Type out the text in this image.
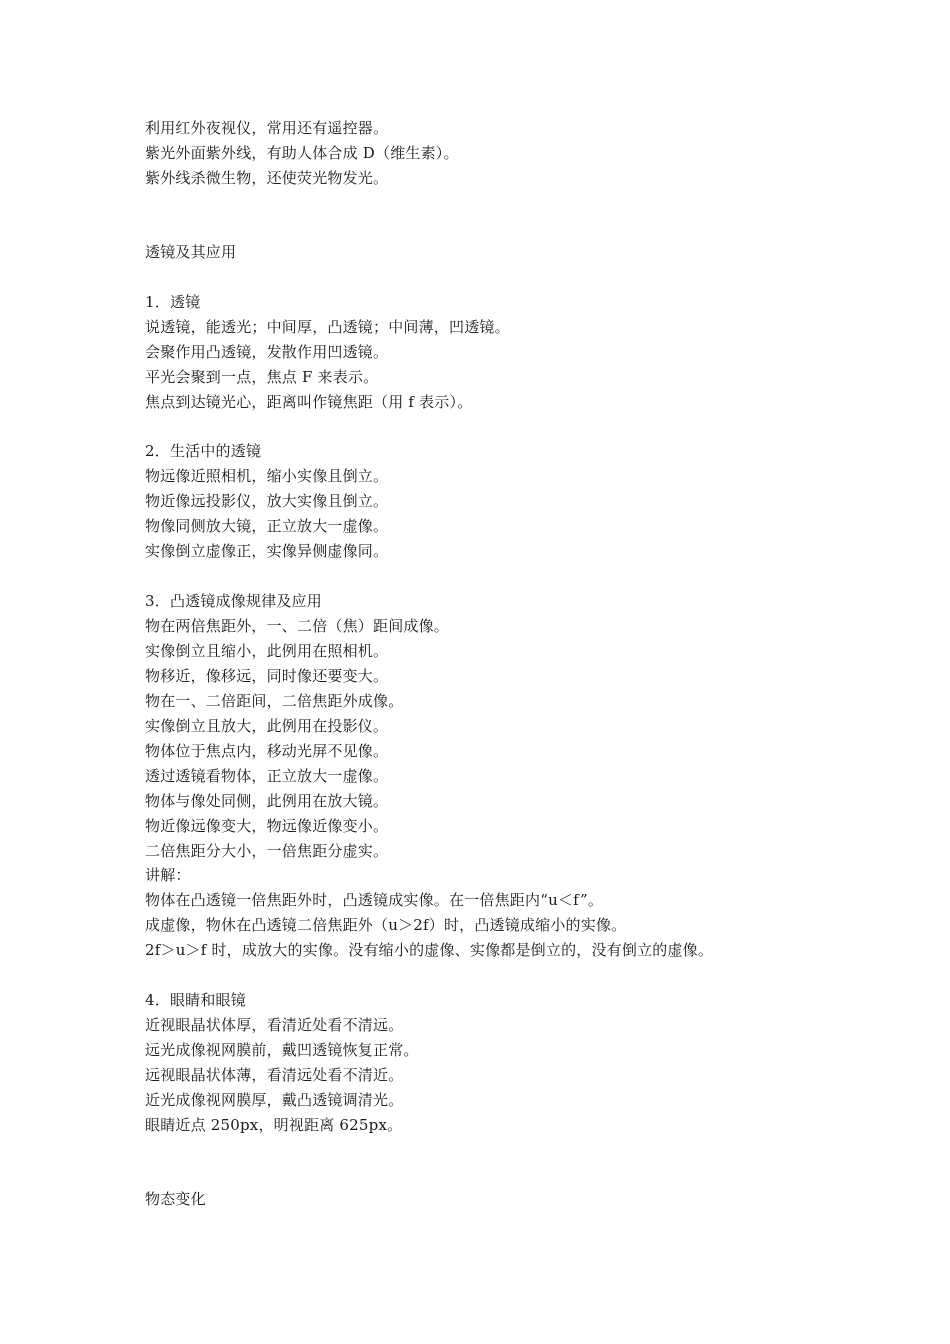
利用红外夜视仪，常用还有遥控器。
紫光外面紫外线，有助人体合成 D（维生素）。
紫外线杀微生物，还使荧光物发光。
透镜及其应用
1．透镜
说透镜，能透光；中间厚，凸透镜；中间薄，凹透镜。
会聚作用凸透镜，发散作用凹透镜。
平光会聚到一点，焦点 F 来表示。
焦点到达镜光心，距离叫作镜焦距（用 f 表示）。
2．生活中的透镜
物远像近照相机，缩小实像且倒立。
物近像远投影仪，放大实像且倒立。
物像同侧放大镜，正立放大一虚像。
实像倒立虚像正，实像异侧虚像同。
3．凸透镜成像规律及应用
物在两倍焦距外，一、二倍（焦）距间成像。
实像倒立且缩小，此例用在照相机。
物移近，像移远，同时像还要变大。
物在一、二倍距间，二倍焦距外成像。
实像倒立且放大，此例用在投影仪。
物体位于焦点内，移动光屏不见像。
透过透镜看物体，正立放大一虚像。
物体与像处同侧，此例用在放大镜。
物近像远像变大，物远像近像变小。
二倍焦距分大小，一倍焦距分虚实。
讲解：
物体在凸透镜一倍焦距外时，凸透镜成实像。在一倍焦距内“u＜f”。
成虚像，物休在凸透镜二倍焦距外（u＞2f）时，凸透镜成缩小的实像。
2f＞u＞f 时，成放大的实像。没有缩小的虚像、实像都是倒立的，没有倒立的虚像。
4．眼睛和眼镜
近视眼晶状体厚，看清近处看不清远。
远光成像视网膜前，戴凹透镜恢复正常。
远视眼晶状体薄，看清远处看不清近。
近光成像视网膜厚，戴凸透镜调清光。
眼睛近点 250px，明视距离 625px。
物态变化
